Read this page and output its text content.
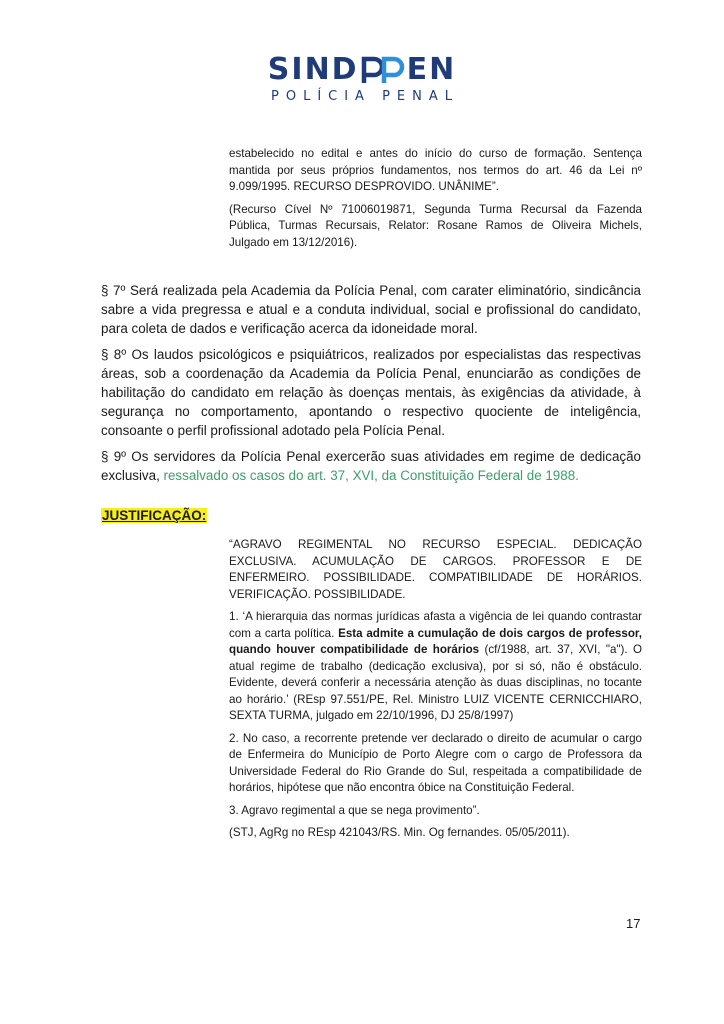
SIND EN
POLÍCIA PENAL

estabelecido no edital e antes do início do curso de formação. Sentença mantida por seus próprios fundamentos, nos termos do art. 46 da Lei nº 9.099/1995. RECURSO DESPROVIDO. UNÂNIME”.

(Recurso Cível Nº 71006019871, Segunda Turma Recursal da Fazenda Pública, Turmas Recursais, Relator: Rosane Ramos de Oliveira Michels, Julgado em 13/12/2016).

§ 7º Será realizada pela Academia da Polícia Penal, com carater eliminatório, sindicância sabre a vida pregressa e atual e a conduta individual, social e profissional do candidato, para coleta de dados e verificação acerca da idoneidade moral.

§ 8º Os laudos psicológicos e psiquiátricos, realizados por especialistas das respectivas áreas, sob a coordenação da Academia da Polícia Penal, enunciarão as condições de habilitação do candidato em relação às doenças mentais, às exigências da atividade, à segurança no comportamento, apontando o respectivo quociente de inteligência, consoante o perfil profissional adotado pela Polícia Penal.

§ 9º Os servidores da Polícia Penal exercerão suas atividades em regime de dedicação exclusiva, ressalvado os casos do art. 37, XVI, da Constituição Federal de 1988.

JUSTIFICAÇÃO:

“AGRAVO REGIMENTAL NO RECURSO ESPECIAL. DEDICAÇÃO EXCLUSIVA. ACUMULAÇÃO DE CARGOS. PROFESSOR E DE ENFERMEIRO. POSSIBILIDADE. COMPATIBILIDADE DE HORÁRIOS. VERIFICAÇÃO. POSSIBILIDADE.

1. ‘A hierarquia das normas jurídicas afasta a vigência de lei quando contrastar com a carta política. Esta admite a cumulação de dois cargos de professor, quando houver compatibilidade de horários (cf/1988, art. 37, XVI, "a"). O atual regime de trabalho (dedicação exclusiva), por si só, não é obstáculo. Evidente, deverá conferir a necessária atenção às duas disciplinas, no tocante ao horário.’ (REsp 97.551/PE, Rel. Ministro LUIZ VICENTE CERNICCHIARO, SEXTA TURMA, julgado em 22/10/1996, DJ 25/8/1997)

2. No caso, a recorrente pretende ver declarado o direito de acumular o cargo de Enfermeira do Município de Porto Alegre com o cargo de Professora da Universidade Federal do Rio Grande do Sul, respeitada a compatibilidade de horários, hipótese que não encontra óbice na Constituição Federal.

3. Agravo regimental a que se nega provimento”.

(STJ, AgRg no REsp 421043/RS. Min. Og fernandes. 05/05/2011).

17
